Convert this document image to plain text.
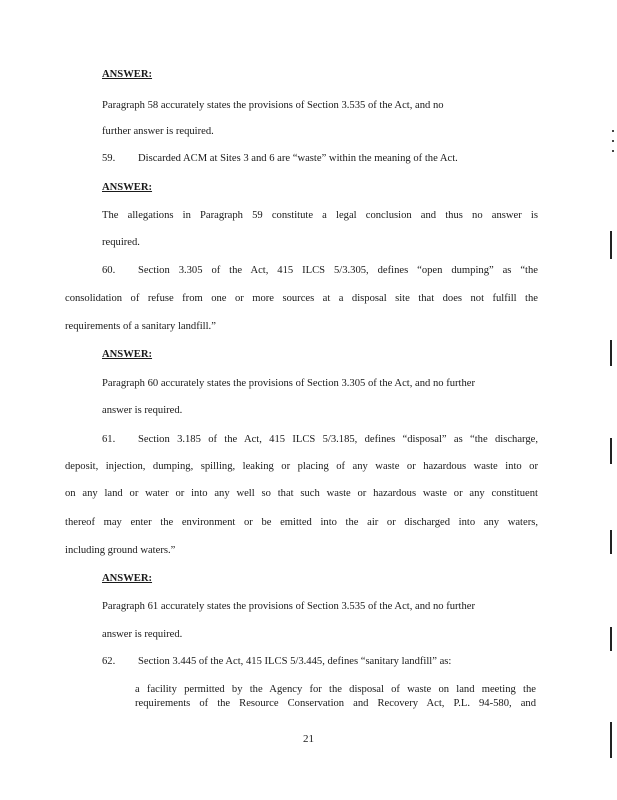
ANSWER:
Paragraph 58 accurately states the provisions of Section 3.535 of the Act, and no
further answer is required.
59. Discarded ACM at Sites 3 and 6 are “waste” within the meaning of the Act.
ANSWER:
The allegations in Paragraph 59 constitute a legal conclusion and thus no answer is
required.
60. Section 3.305 of the Act, 415 ILCS 5/3.305, defines “open dumping” as “the
consolidation of refuse from one or more sources at a disposal site that does not fulfill the
requirements of a sanitary landfill.”
ANSWER:
Paragraph 60 accurately states the provisions of Section 3.305 of the Act, and no further
answer is required.
61. Section 3.185 of the Act, 415 ILCS 5/3.185, defines “disposal” as “the discharge,
deposit, injection, dumping, spilling, leaking or placing of any waste or hazardous waste into or
on any land or water or into any well so that such waste or hazardous waste or any constituent
thereof may enter the environment or be emitted into the air or discharged into any waters,
including ground waters.”
ANSWER:
Paragraph 61 accurately states the provisions of Section 3.535 of the Act, and no further
answer is required.
62. Section 3.445 of the Act, 415 ILCS 5/3.445, defines “sanitary landfill” as:
a facility permitted by the Agency for the disposal of waste on land meeting the
requirements of the Resource Conservation and Recovery Act, P.L. 94-580, and
21
